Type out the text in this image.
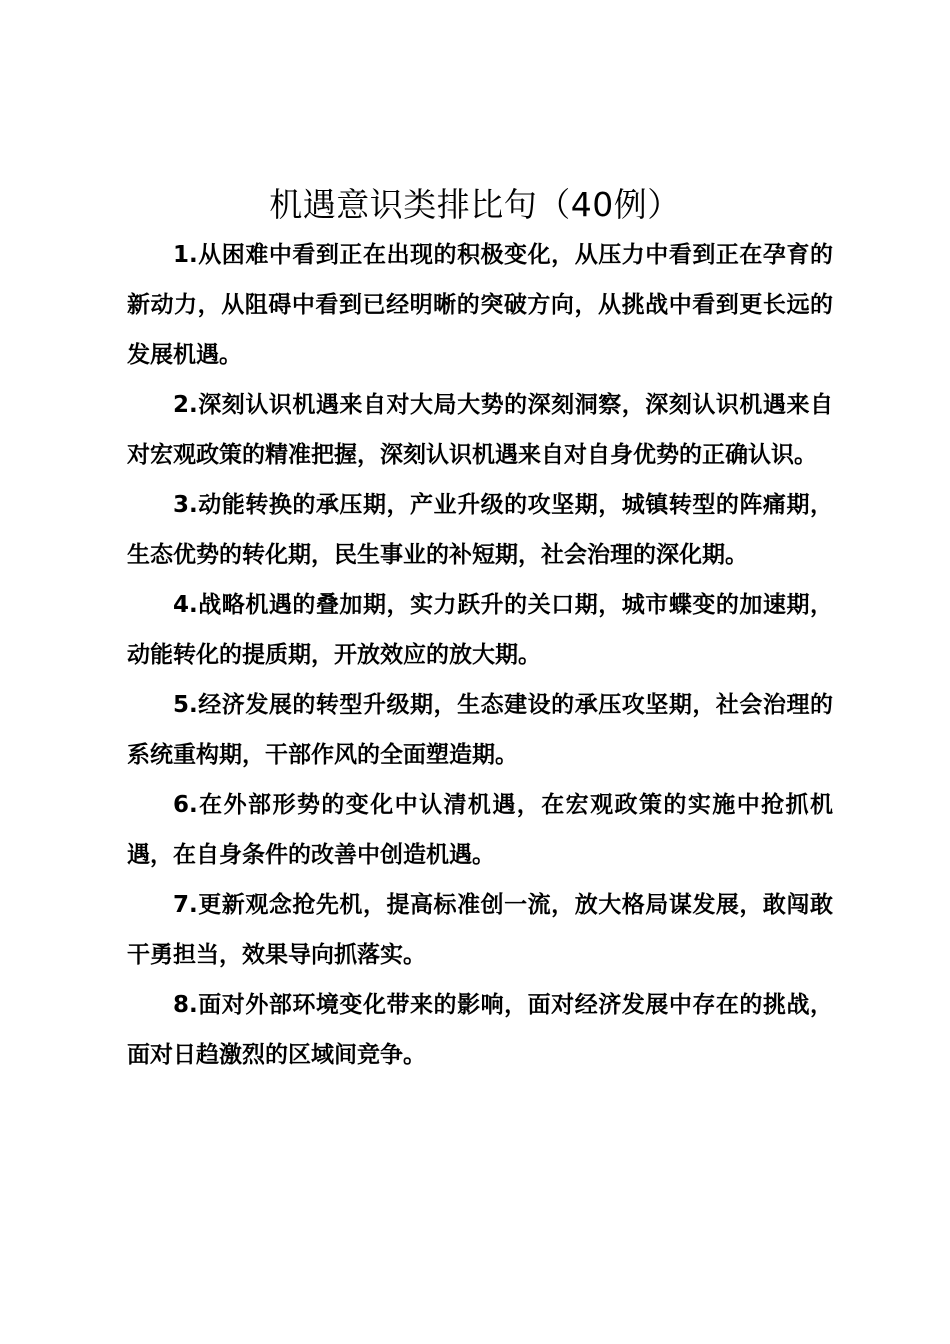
机遇意识类排比句（40例）

1.从困难中看到正在出现的积极变化，从压力中看到正在孕育的新动力，从阻碍中看到已经明晰的突破方向，从挑战中看到更长远的发展机遇。

2.深刻认识机遇来自对大局大势的深刻洞察，深刻认识机遇来自对宏观政策的精准把握，深刻认识机遇来自对自身优势的正确认识。

3.动能转换的承压期，产业升级的攻坚期，城镇转型的阵痛期，生态优势的转化期，民生事业的补短期，社会治理的深化期。

4.战略机遇的叠加期，实力跃升的关口期，城市蝶变的加速期，动能转化的提质期，开放效应的放大期。

5.经济发展的转型升级期，生态建设的承压攻坚期，社会治理的系统重构期，干部作风的全面塑造期。

6.在外部形势的变化中认清机遇，在宏观政策的实施中抢抓机遇，在自身条件的改善中创造机遇。

7.更新观念抢先机，提高标准创一流，放大格局谋发展，敢闯敢干勇担当，效果导向抓落实。

8.面对外部环境变化带来的影响，面对经济发展中存在的挑战，面对日趋激烈的区域间竞争。
